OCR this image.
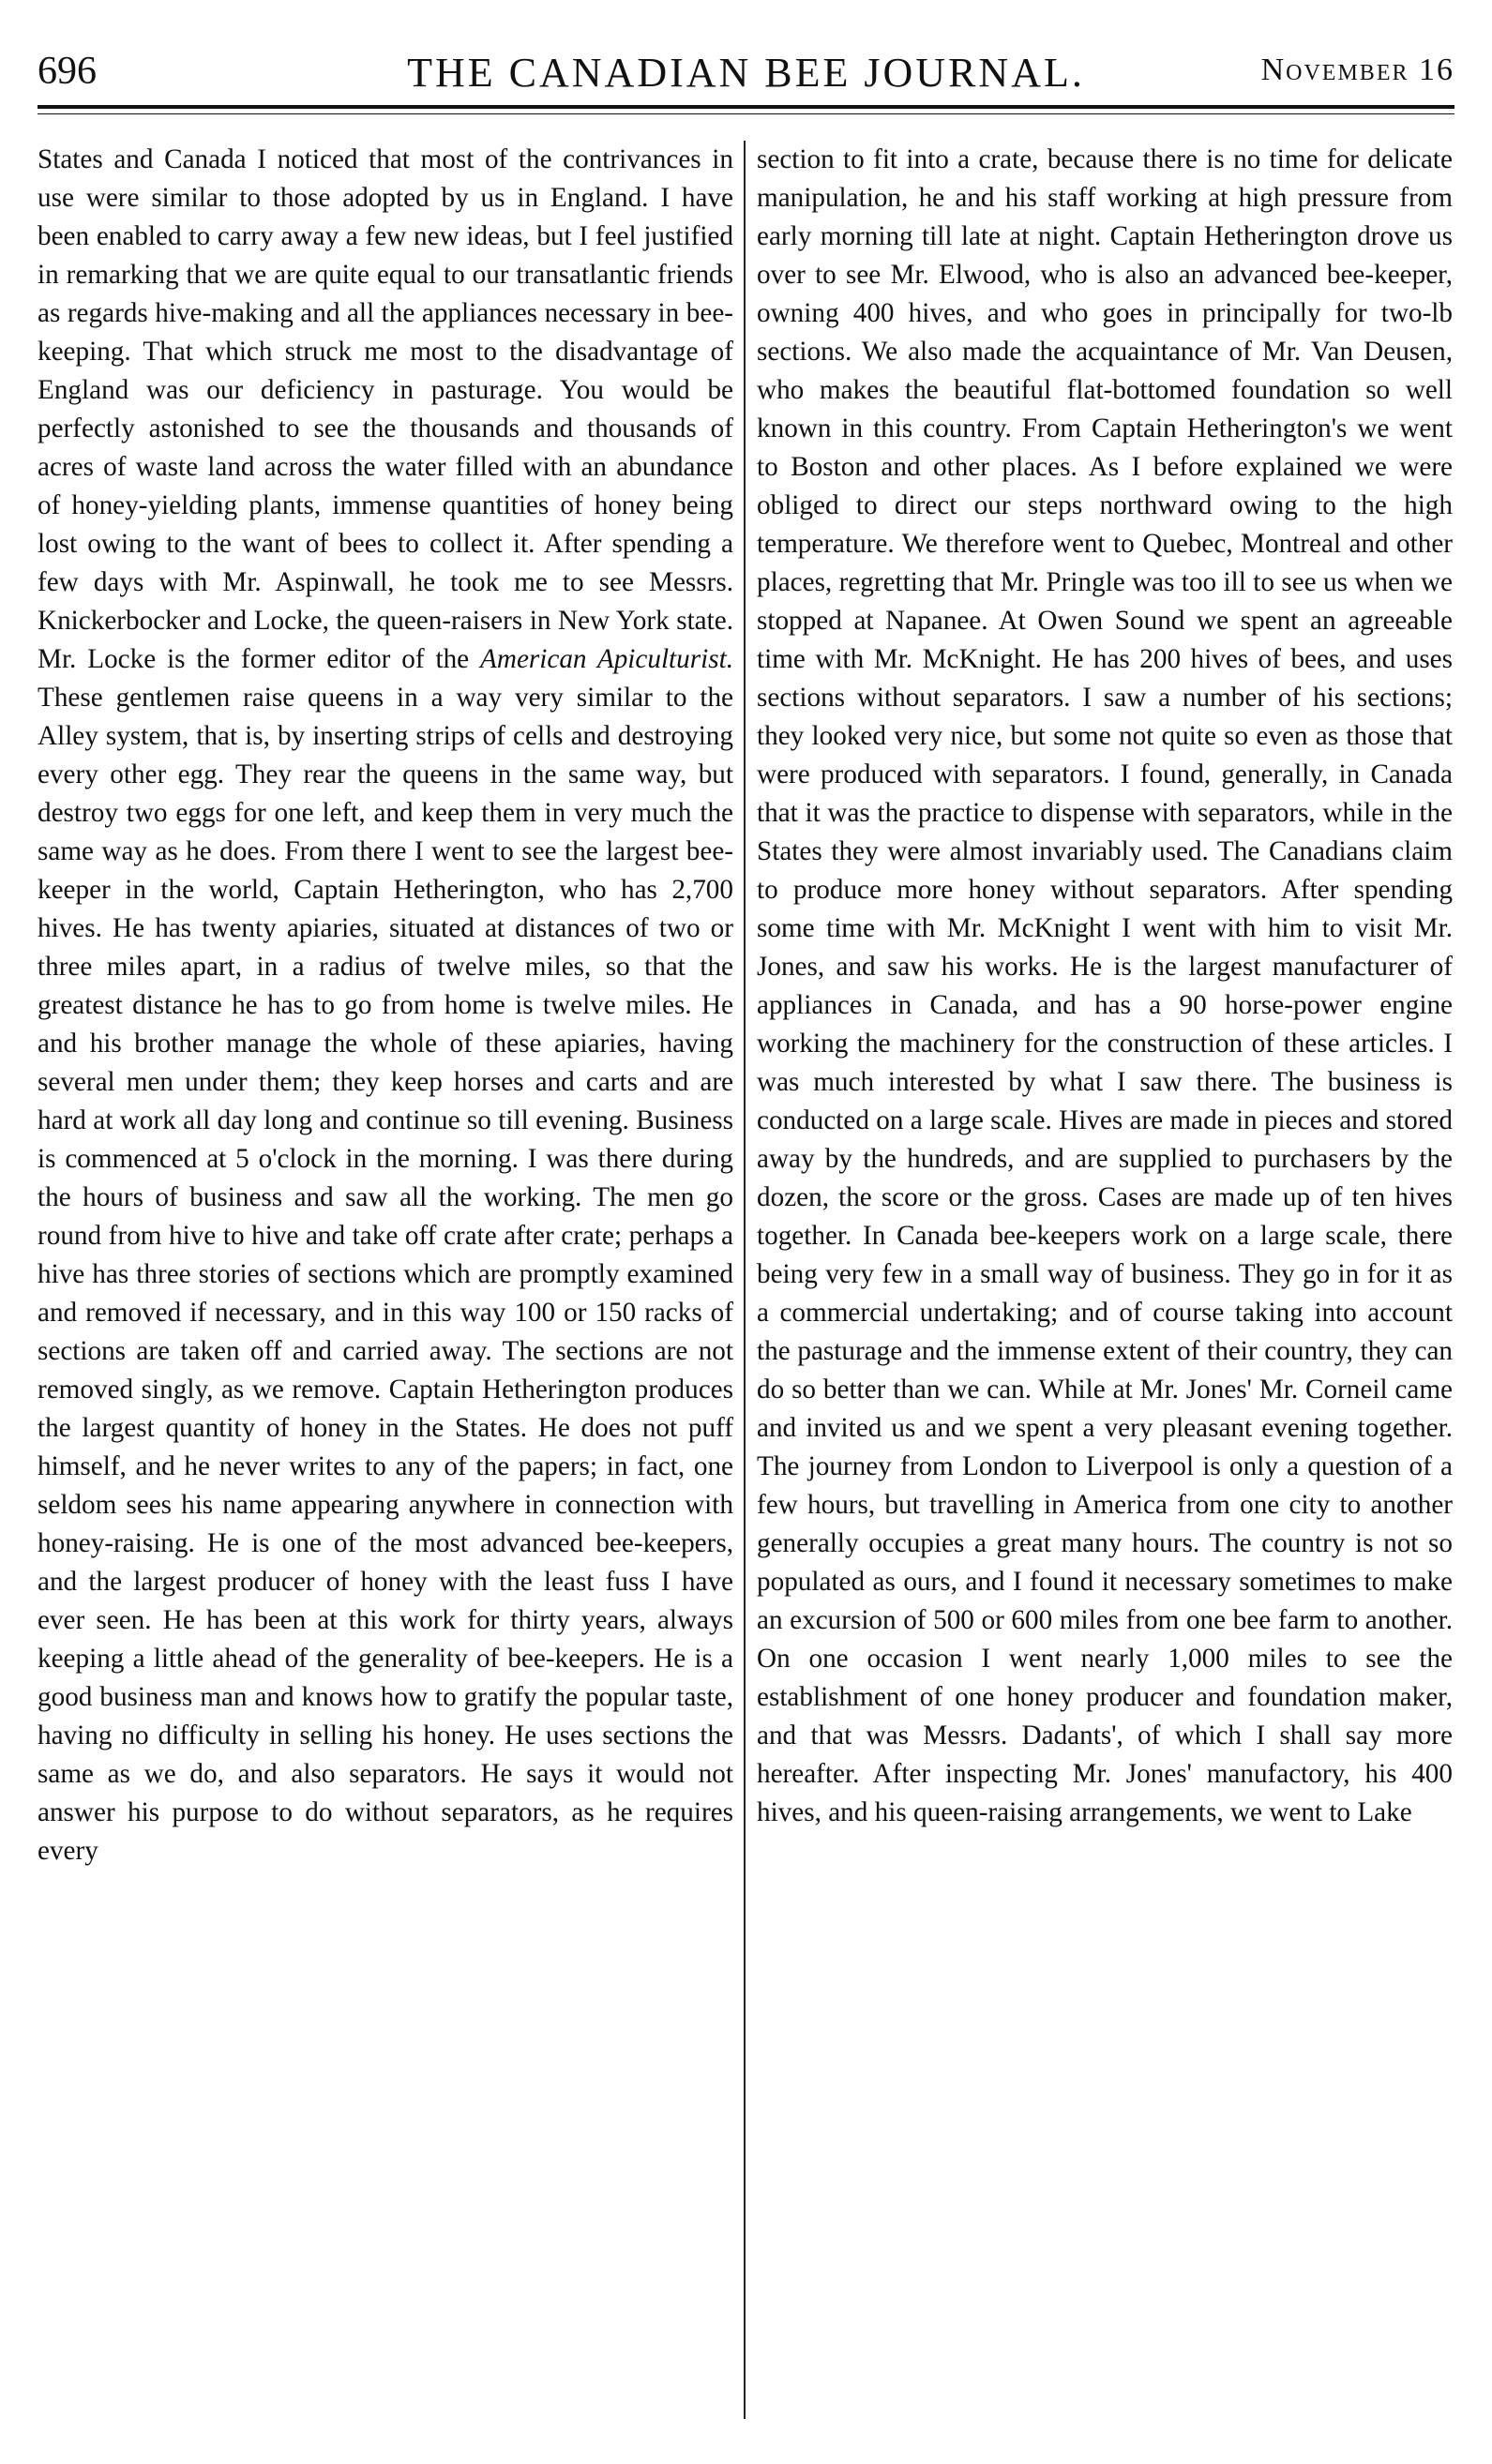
696	THE CANADIAN BEE JOURNAL.	November 16

States and Canada I noticed that most of the contrivances in use were similar to those adopted by us in England. I have been enabled to carry away a few new ideas, but I feel justified in remarking that we are quite equal to our transatlantic friends as regards hive-making and all the appliances necessary in bee-keeping. That which struck me most to the disadvantage of England was our deficiency in pasturage. You would be perfectly astonished to see the thousands and thousands of acres of waste land across the water filled with an abundance of honey-yielding plants, immense quantities of honey being lost owing to the want of bees to collect it. After spending a few days with Mr. Aspinwall, he took me to see Messrs. Knickerbocker and Locke, the queen-raisers in New York state. Mr. Locke is the former editor of the American Apiculturist. These gentlemen raise queens in a way very similar to the Alley system, that is, by inserting strips of cells and destroying every other egg. They rear the queens in the same way, but destroy two eggs for one left, and keep them in very much the same way as he does. From there I went to see the largest bee-keeper in the world, Captain Hetherington, who has 2,700 hives. He has twenty apiaries, situated at distances of two or three miles apart, in a radius of twelve miles, so that the greatest distance he has to go from home is twelve miles. He and his brother manage the whole of these apiaries, having several men under them; they keep horses and carts and are hard at work all day long and continue so till evening. Business is commenced at 5 o'clock in the morning. I was there during the hours of business and saw all the working. The men go round from hive to hive and take off crate after crate; perhaps a hive has three stories of sections which are promptly examined and removed if necessary, and in this way 100 or 150 racks of sections are taken off and carried away. The sections are not removed singly, as we remove. Captain Hetherington produces the largest quantity of honey in the States. He does not puff himself, and he never writes to any of the papers; in fact, one seldom sees his name appearing anywhere in connection with honey-raising. He is one of the most advanced bee-keepers, and the largest producer of honey with the least fuss I have ever seen. He has been at this work for thirty years, always keeping a little ahead of the generality of bee-keepers. He is a good business man and knows how to gratify the popular taste, having no difficulty in selling his honey. He uses sections the same as we do, and also separators. He says it would not answer his purpose to do without separators, as he requires every

section to fit into a crate, because there is no time for delicate manipulation, he and his staff working at high pressure from early morning till late at night. Captain Hetherington drove us over to see Mr. Elwood, who is also an advanced bee-keeper, owning 400 hives, and who goes in principally for two-lb sections. We also made the acquaintance of Mr. Van Deusen, who makes the beautiful flat-bottomed foundation so well known in this country. From Captain Hetherington's we went to Boston and other places. As I before explained we were obliged to direct our steps northward owing to the high temperature. We therefore went to Quebec, Montreal and other places, regretting that Mr. Pringle was too ill to see us when we stopped at Napanee. At Owen Sound we spent an agreeable time with Mr. McKnight. He has 200 hives of bees, and uses sections without separators. I saw a number of his sections; they looked very nice, but some not quite so even as those that were produced with separators. I found, generally, in Canada that it was the practice to dispense with separators, while in the States they were almost invariably used. The Canadians claim to produce more honey without separators. After spending some time with Mr. McKnight I went with him to visit Mr. Jones, and saw his works. He is the largest manufacturer of appliances in Canada, and has a 90 horse-power engine working the machinery for the construction of these articles. I was much interested by what I saw there. The business is conducted on a large scale. Hives are made in pieces and stored away by the hundreds, and are supplied to purchasers by the dozen, the score or the gross. Cases are made up of ten hives together. In Canada bee-keepers work on a large scale, there being very few in a small way of business. They go in for it as a commercial undertaking; and of course taking into account the pasturage and the immense extent of their country, they can do so better than we can. While at Mr. Jones' Mr. Corneil came and invited us and we spent a very pleasant evening together. The journey from London to Liverpool is only a question of a few hours, but travelling in America from one city to another generally occupies a great many hours. The country is not so populated as ours, and I found it necessary sometimes to make an excursion of 500 or 600 miles from one bee farm to another. On one occasion I went nearly 1,000 miles to see the establishment of one honey producer and foundation maker, and that was Messrs. Dadants', of which I shall say more hereafter. After inspecting Mr. Jones' manufactory, his 400 hives, and his queen-raising arrangements, we went to Lake
